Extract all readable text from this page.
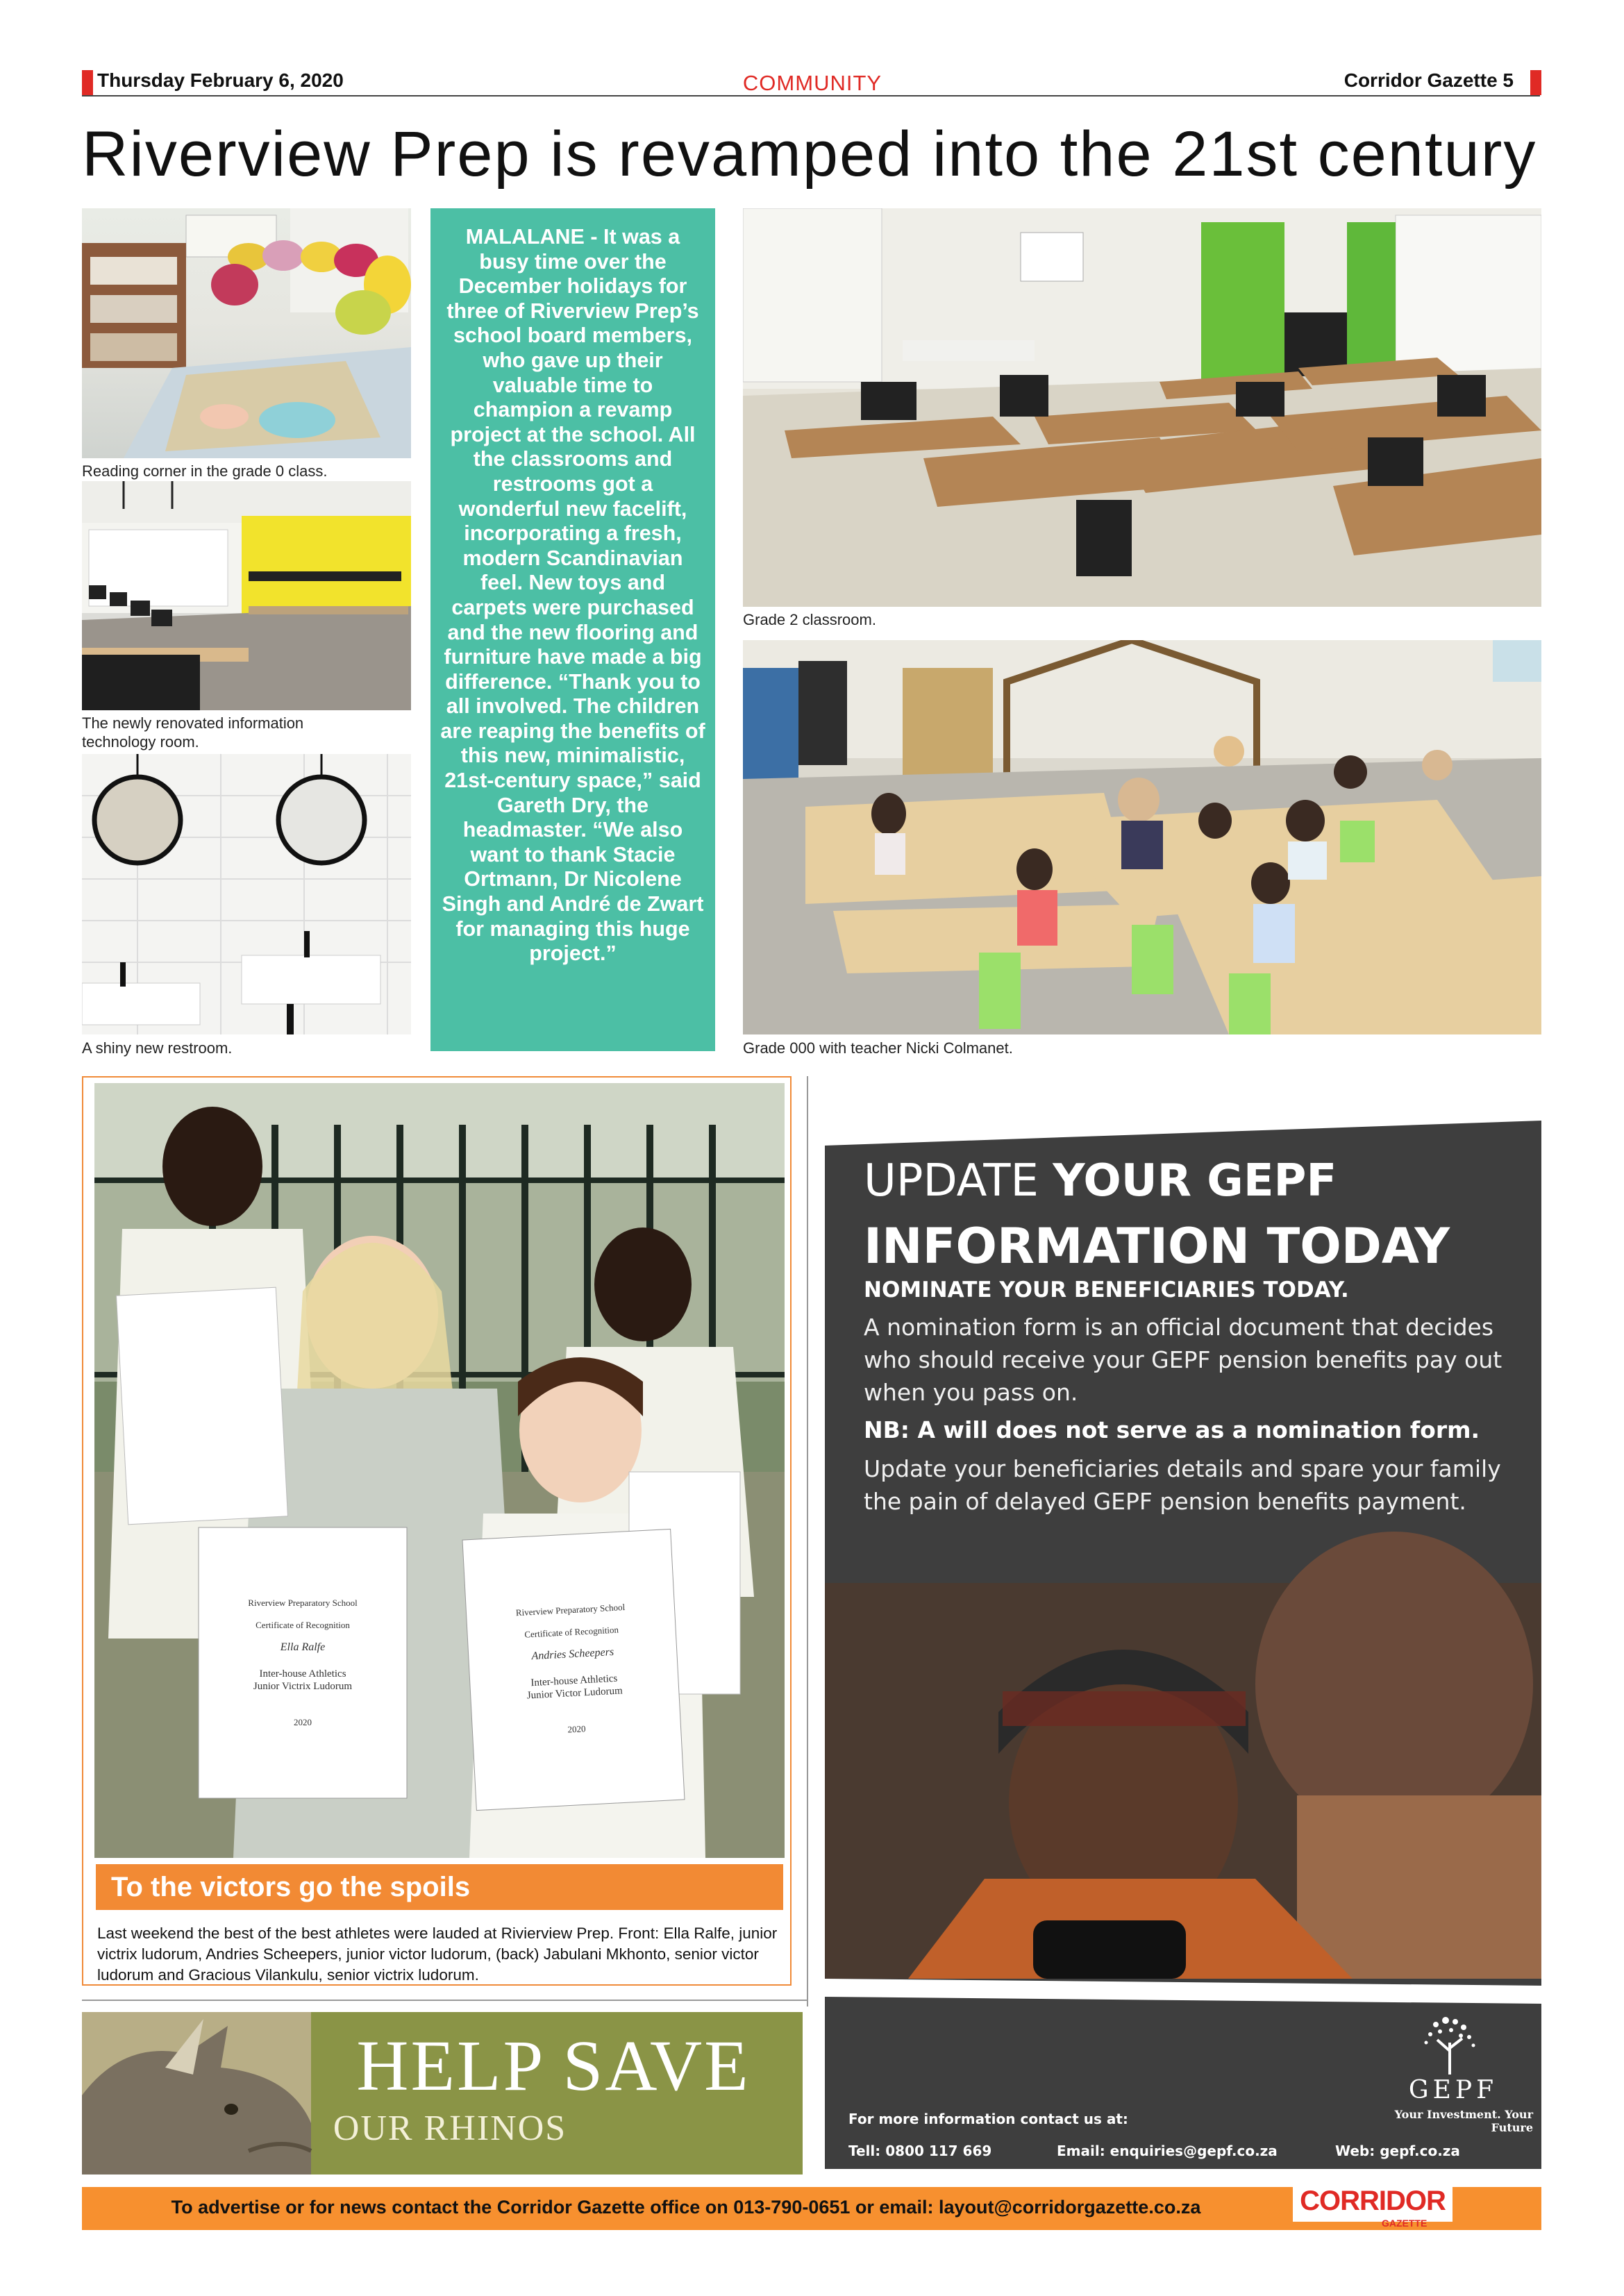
Thursday February 6, 2020	COMMUNITY	Corridor Gazette 5
Riverview Prep is revamped into the 21st century
Reading corner in the grade 0 class.
The newly renovated information
technology room.
A shiny new restroom.
MALALANE - It was a busy time over the December holidays for three of Riverview Prep’s school board members, who gave up their valuable time to champion a revamp project at the school. All the classrooms and restrooms got a wonderful new facelift, incorporating a fresh, modern Scandinavian feel. New toys and carpets were purchased and the new flooring and furniture have made a big difference. “Thank you to all involved. The children are reaping the benefits of this new, minimalistic, 21st-century space,” said Gareth Dry, the headmaster. “We also want to thank Stacie Ortmann, Dr Nicolene Singh and André de Zwart for managing this huge project.”
Grade 2 classroom.
Grade 000 with teacher Nicki Colmanet.
Riverview Preparatory School
Certificate of Recognition
Ella Ralfe
Inter-house Athletics
Junior Victrix Ludorum
2020
Riverview Preparatory School
Certificate of Recognition
Andries Scheepers
Inter-house Athletics
Junior Victor Ludorum
2020
To the victors go the spoils
Last weekend the best of the best athletes were lauded at Rivierview Prep. Front: Ella Ralfe, junior victrix ludorum, Andries Scheepers, junior victor ludorum, (back) Jabulani Mkhonto, senior victor ludorum and Gracious Vilankulu, senior victrix ludorum.
UPDATE YOUR GEPF
INFORMATION TODAY
NOMINATE YOUR BENEFICIARIES TODAY.
A nomination form is an official document that decides who should receive your GEPF pension benefits pay out when you pass on.
NB: A will does not serve as a nomination form.
Update your beneficiaries details and spare your family the pain of delayed GEPF pension benefits payment.
GEPF
Your Investment. Your Future
For more information contact us at:
Tell: 0800 117 669	Email: enquiries@gepf.co.za	Web: gepf.co.za
HELP SAVE
OUR RHINOS
To advertise or for news contact the Corridor Gazette office on 013-790-0651 or email: layout@corridorgazette.co.za	CORRIDOR
GAZETTE
